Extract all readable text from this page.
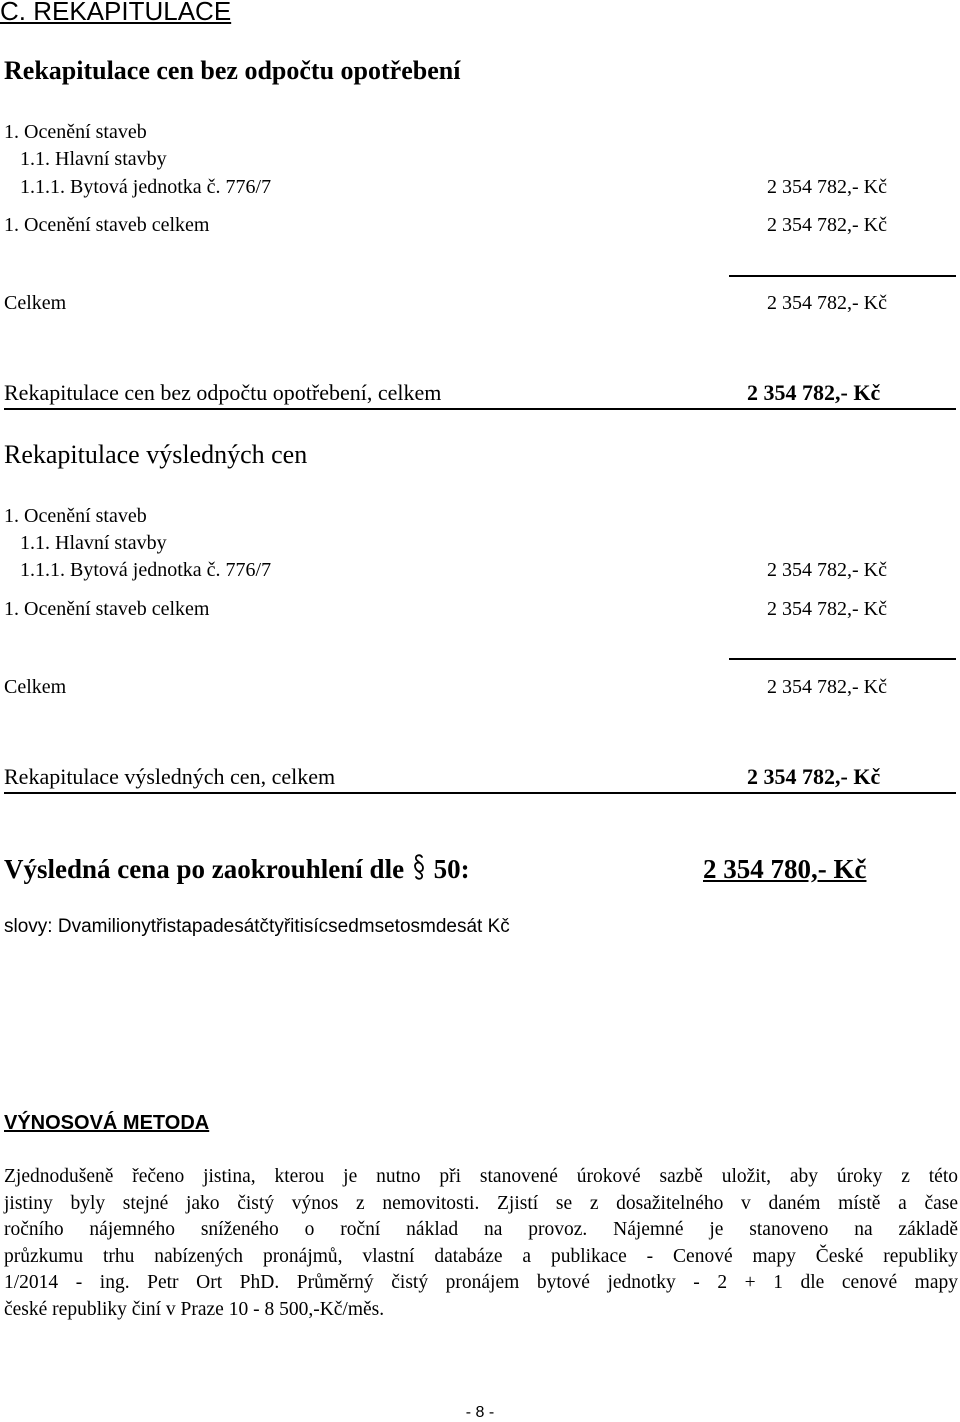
C. REKAPITULACE
Rekapitulace cen bez odpočtu opotřebení
1. Ocenění staveb
1.1. Hlavní stavby
1.1.1. Bytová jednotka č. 776/7	2 354 782,- Kč
1. Ocenění staveb celkem	2 354 782,- Kč
Celkem	2 354 782,- Kč
Rekapitulace cen bez odpočtu opotřebení, celkem	2 354 782,- Kč
Rekapitulace výsledných cen
1. Ocenění staveb
1.1. Hlavní stavby
1.1.1. Bytová jednotka č. 776/7	2 354 782,- Kč
1. Ocenění staveb celkem	2 354 782,- Kč
Celkem	2 354 782,- Kč
Rekapitulace výsledných cen, celkem	2 354 782,- Kč
Výsledná cena po zaokrouhlení dle 50:	2 354 780,- Kč
slovy: Dvamilionytřistapadesátčtyřitisícsedmsetosmdesát Kč
VÝNOSOVÁ METODA

Zjednodušeně řečeno jistina, kterou je nutno při stanovené úrokové sazbě uložit, aby úroky z této

jistiny byly stejné jako čistý výnos z nemovitosti. Zjistí se z dosažitelného v daném místě a čase

ročního nájemného sníženého o roční náklad na provoz. Nájemné je stanoveno na základě

průzkumu trhu nabízených pronájmů, vlastní databáze a publikace - Cenové mapy České republiky

1/2014 - ing. Petr Ort PhD. Průměrný čistý pronájem bytové jednotky - 2 + 1 dle cenové mapy

české republiky činí v Praze 10 - 8 500,-Kč/měs.

- 8 -
